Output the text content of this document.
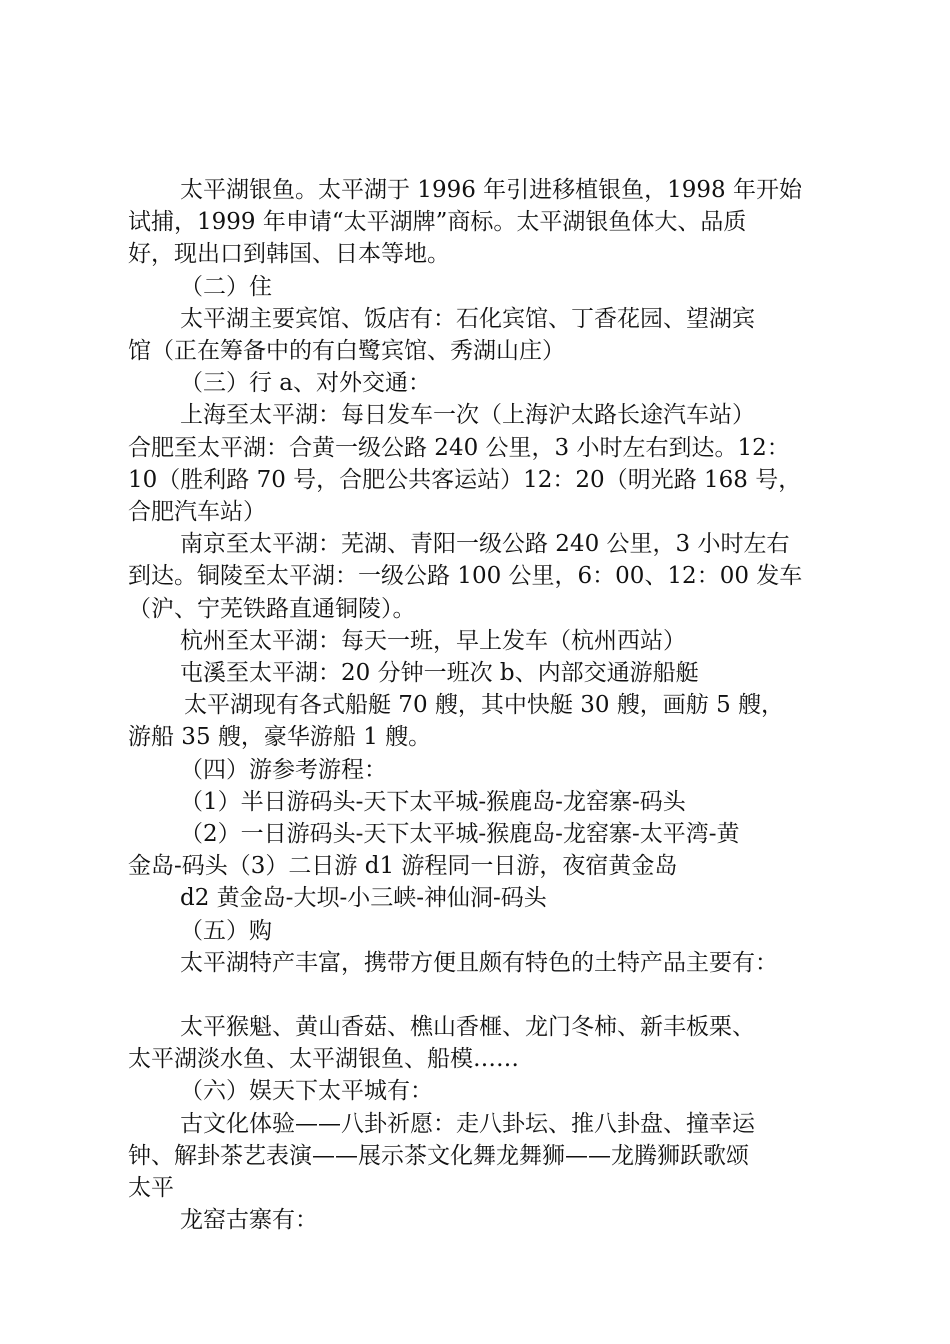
太平湖银鱼。太平湖于 1996 年引进移植银鱼，1998 年开始

试捕，1999 年申请“太平湖牌”商标。太平湖银鱼体大、品质

好，现出口到韩国、日本等地。

（二）住

太平湖主要宾馆、饭店有：石化宾馆、丁香花园、望湖宾

馆（正在筹备中的有白鹭宾馆、秀湖山庄）

（三）行 a、对外交通：

上海至太平湖：每日发车一次（上海沪太路长途汽车站）

合肥至太平湖：合黄一级公路 240 公里，3 小时左右到达。12：

10（胜利路 70 号，合肥公共客运站）12：20（明光路 168 号，

合肥汽车站）

南京至太平湖：芜湖、青阳一级公路 240 公里，3 小时左右

到达。铜陵至太平湖：一级公路 100 公里，6：00、12：00 发车

（沪、宁芜铁路直通铜陵）。

杭州至太平湖：每天一班，早上发车（杭州西站）

屯溪至太平湖：20 分钟一班次 b、内部交通游船艇

太平湖现有各式船艇 70 艘，其中快艇 30 艘，画舫 5 艘，

游船 35 艘，豪华游船 1 艘。

（四）游参考游程：

（1）半日游码头-天下太平城-猴鹿岛-龙窑寨-码头

（2）一日游码头-天下太平城-猴鹿岛-龙窑寨-太平湾-黄

金岛-码头（3）二日游 d1 游程同一日游，夜宿黄金岛

d2 黄金岛-大坝-小三峡-神仙洞-码头

（五）购

太平湖特产丰富，携带方便且颇有特色的土特产品主要有：

太平猴魁、黄山香菇、樵山香榧、龙门冬柿、新丰板栗、

太平湖淡水鱼、太平湖银鱼、船模……

（六）娱天下太平城有：

古文化体验——八卦祈愿：走八卦坛、推八卦盘、撞幸运

钟、解卦茶艺表演——展示茶文化舞龙舞狮——龙腾狮跃歌颂

太平

龙窑古寨有：
